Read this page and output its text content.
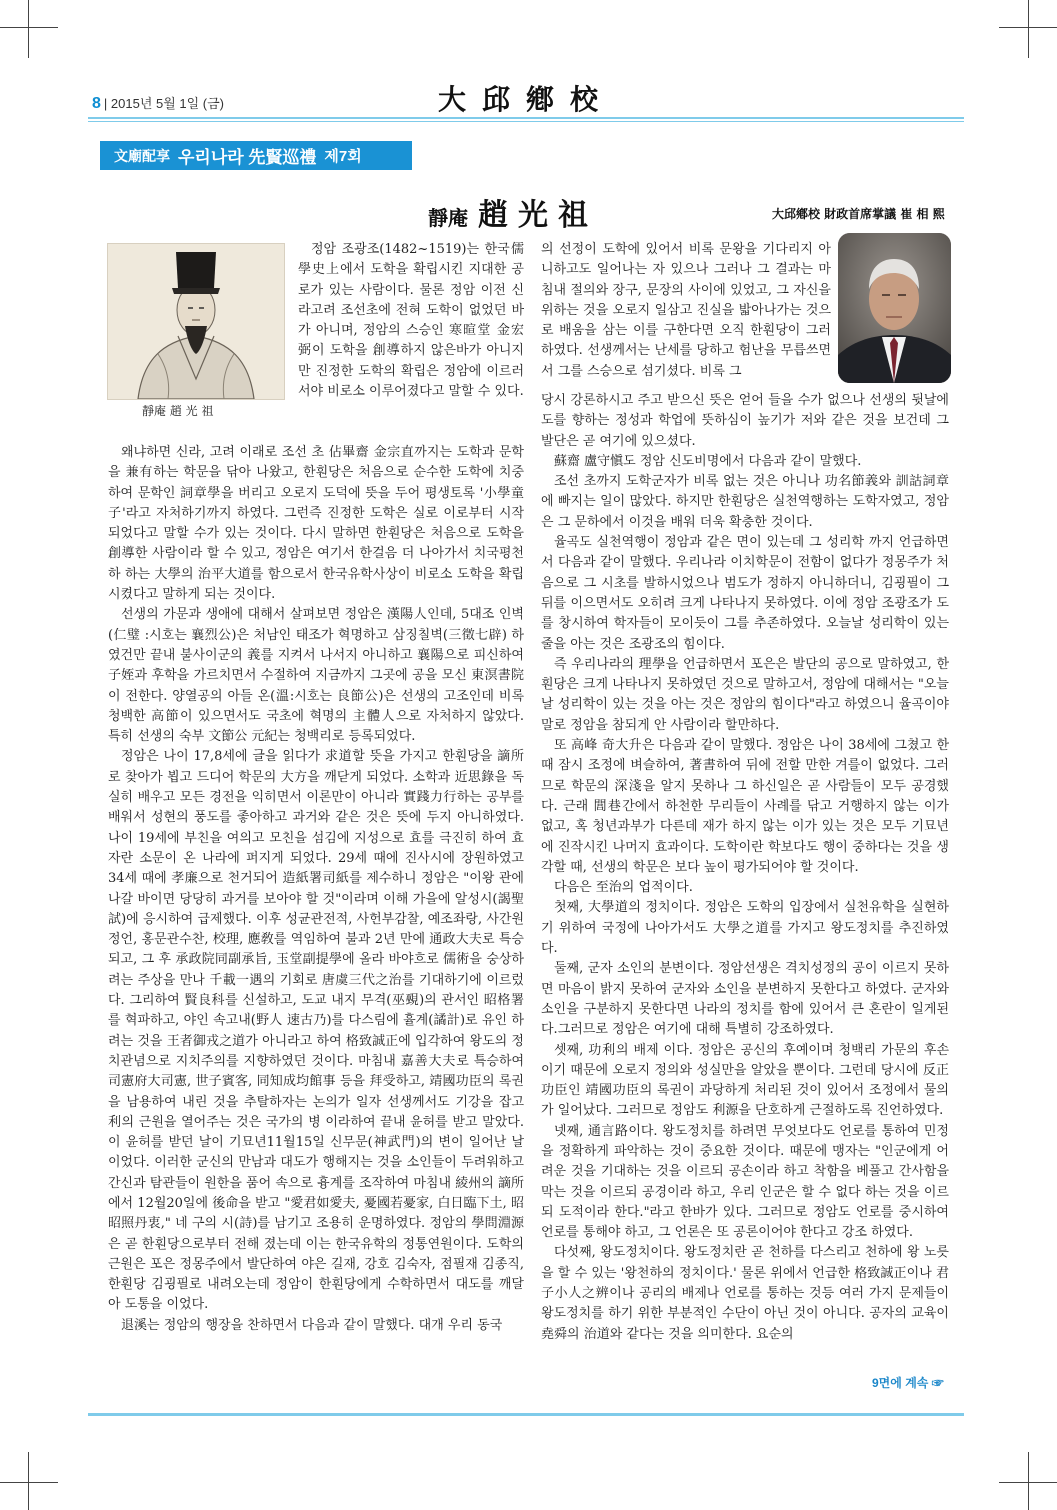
8 | 2015년 5월 1일 (금)	大邱鄕校
文廟配享 우리나라 先賢巡禮 제7회
靜庵 趙光祖	大邱鄕校 財政首席掌議 崔 相 熙
靜庵 趙 光 祖

정암 조광조(1482~1519)는 한국儒學史上에서 도학을 확립시킨 지대한 공로가 있는 사람이다. 물론 정암 이전 신라고려 조선초에 전혀 도학이 없었던 바가 아니며, 정암의 스승인 寒暄堂 金宏弼이 도학을 創導하지 않은바가 아니지만 진정한 도학의 확립은 정암에 이르러서야 비로소 이루어졌다고 말할 수 있다.

왜냐하면 신라, 고려 이래로 조선 초 佔畢齋 金宗直까지는 도학과 문학을 兼有하는 학문을 닦아 나왔고, 한훤당은 처음으로 순수한 도학에 치중하여 문학인 詞章學을 버리고 오로지 도덕에 뜻을 두어 평생토록 '小學童子'라고 자처하기까지 하였다. 그런즉 진정한 도학은 실로 이로부터 시작 되었다고 말할 수가 있는 것이다. 다시 말하면 한훤당은 처음으로 도학을 創導한 사람이라 할 수 있고, 정암은 여기서 한걸음 더 나아가서 치국평천하 하는 大學의 治平大道를 함으로서 한국유학사상이 비로소 도학을 확립시켰다고 말하게 되는 것이다.

선생의 가문과 생애에 대해서 살펴보면 정암은 漢陽人인데, 5대조 인벽(仁璧 :시호는 襄烈公)은 처남인 태조가 혁명하고 삼징칠벽(三徵七辟) 하였건만 끝내 불사이군의 義를 지켜서 나서지 아니하고 襄陽으로 피신하여 子姪과 후학을 가르치면서 수절하여 지금까지 그곳에 공을 모신 東溟書院이 전한다. 양열공의 아들 온(溫:시호는 良節公)은 선생의 고조인데 비록 청백한 高節이 있으면서도 국초에 혁명의 主體人으로 자처하지 않았다. 특히 선생의 숙부 文節公 元紀는 청백리로 등록되었다.

정암은 나이 17,8세에 글을 읽다가 求道할 뜻을 가지고 한훤당을 謫所로 찾아가 뵙고 드디어 학문의 大方을 깨닫게 되었다. 소학과 近思錄을 독실히 배우고 모든 경전을 익히면서 이론만이 아니라 實踐力行하는 공부를 배워서 성현의 풍도를 좋아하고 과거와 같은 것은 뜻에 두지 아니하였다. 나이 19세에 부친을 여의고 모친을 섬김에 지성으로 효를 극진히 하여 효자란 소문이 온 나라에 퍼지게 되었다. 29세 때에 진사시에 장원하였고 34세 때에 孝廉으로 천거되어 造紙署司紙를 제수하니 정암은 "이왕 관에 나갈 바이면 당당히 과거를 보아야 할 것"이라며 이해 가을에 알성시(謁聖試)에 응시하여 급제했다. 이후 성균관전적, 사헌부감찰, 예조좌랑, 사간원정언, 홍문관수찬, 校理, 應敎를 역임하여 불과 2년 만에 通政大夫로 특승되고, 그 후 承政院同副承旨, 玉堂副提學에 올라 바야흐로 儒術을 숭상하려는 주상을 만나 千載一遇의 기회로 唐虞三代之治를 기대하기에 이르렀다. 그리하여 賢良科를 신설하고, 도교 내지 무격(巫覡)의 관서인 昭格署를 혁파하고, 야인 속고내(野人 速古乃)를 다스림에 휼계(譎計)로 유인 하려는 것을 王者御戎之道가 아니라고 하여 格致誠正에 입각하여 왕도의 정치관념으로 지치주의를 지향하였던 것이다. 마침내 嘉善大夫로 특승하여 司憲府大司憲, 世子賓客, 同知成均館事 등을 拜受하고, 靖國功臣의 록권을 남용하여 내린 것을 추탈하자는 논의가 일자 선생께서도 기강을 잡고 利의 근원을 열어주는 것은 국가의 병 이라하여 끝내 윤허를 받고 말았다. 이 윤허를 받던 날이 기묘년11월15일 신무문(神武門)의 변이 일어난 날이었다. 이러한 군신의 만남과 대도가 행해지는 것을 소인들이 두려워하고 간신과 탐관들이 원한을 품어 속으로 흉계를 조작하여 마침내 綾州의 謫所에서 12월20일에 後命을 받고 "愛君如愛夫, 憂國若憂家, 白日臨下土, 昭昭照丹衷," 네 구의 시(詩)를 남기고 조용히 운명하였다. 정암의 學問淵源은 곧 한훤당으로부터 전해 졌는데 이는 한국유학의 정통연원이다. 도학의 근원은 포은 정몽주에서 발단하여 야은 길재, 강호 김숙자, 점필재 김종직, 한훤당 김굉필로 내려오는데 정암이 한훤당에게 수학하면서 대도를 깨달아 도통을 이었다.

退溪는 정암의 행장을 찬하면서 다음과 같이 말했다. 대개 우리 동국

의 선정이 도학에 있어서 비록 문왕을 기다리지 아니하고도 일어나는 자 있으나 그러나 그 결과는 마침내 절의와 장구, 문장의 사이에 있었고, 그 자신을 위하는 것을 오로지 일삼고 진실을 밟아나가는 것으로 배움을 삼는 이를 구한다면 오직 한훤당이 그러하였다. 선생께서는 난세를 당하고 험난을 무릅쓰면서 그를 스승으로 섬기셨다. 비록 그

당시 강론하시고 주고 받으신 뜻은 얻어 들을 수가 없으나 선생의 뒷날에 도를 향하는 정성과 학업에 뜻하심이 높기가 저와 같은 것을 보건데 그 발단은 곧 여기에 있으셨다.

蘇齋 盧守愼도 정암 신도비명에서 다음과 같이 말했다.

조선 초까지 도학군자가 비록 없는 것은 아니나 功名節義와 訓詁詞章에 빠지는 일이 많았다. 하지만 한훤당은 실천역행하는 도학자였고, 정암은 그 문하에서 이것을 배워 더욱 확충한 것이다.

율곡도 실천역행이 정암과 같은 면이 있는데 그 성리학 까지 언급하면서 다음과 같이 말했다. 우리나라 이치학문이 전함이 없다가 정몽주가 처음으로 그 시초를 발하시었으나 범도가 정하지 아니하더니, 김굉필이 그 뒤를 이으면서도 오히려 크게 나타나지 못하였다. 이에 정암 조광조가 도를 창시하여 학자들이 모이듯이 그를 추존하였다. 오늘날 성리학이 있는 줄을 아는 것은 조광조의 힘이다.

즉 우리나라의 理學을 언급하면서 포은은 발단의 공으로 말하였고, 한훤당은 크게 나타나지 못하였던 것으로 말하고서, 정암에 대해서는 "오늘날 성리학이 있는 것을 아는 것은 정암의 힘이다"라고 하였으니 율곡이야 말로 정암을 참되게 안 사람이라 할만하다.

또 高峰 奇大升은 다음과 같이 말했다. 정암은 나이 38세에 그쳤고 한때 잠시 조정에 벼슬하여, 著書하여 뒤에 전할 만한 겨를이 없었다. 그러므로 학문의 深淺을 알지 못하나 그 하신일은 곧 사람들이 모두 공경했다. 근래 閭巷간에서 하천한 무리들이 사례를 닦고 거행하지 않는 이가 없고, 혹 청년과부가 다른데 재가 하지 않는 이가 있는 것은 모두 기묘년에 진작시킨 나머지 효과이다. 도학이란 학보다도 행이 중하다는 것을 생각할 때, 선생의 학문은 보다 높이 평가되어야 할 것이다.

다음은 至治의 업적이다.

첫째, 大學道의 정치이다. 정암은 도학의 입장에서 실천유학을 실현하기 위하여 국정에 나아가서도 大學之道를 가지고 왕도정치를 추진하였다.

둘째, 군자 소인의 분변이다. 정암선생은 격치성정의 공이 이르지 못하면 마음이 밝지 못하여 군자와 소인을 분변하지 못한다고 하였다. 군자와 소인을 구분하지 못한다면 나라의 정치를 함에 있어서 큰 혼란이 일게된다.그러므로 정암은 여기에 대해 특별히 강조하였다.

셋째, 功利의 배제 이다. 정암은 공신의 후예이며 청백리 가문의 후손이기 때문에 오로지 정의와 성실만을 알았을 뿐이다. 그런데 당시에 反正功臣인 靖國功臣의 록권이 과당하게 처리된 것이 있어서 조정에서 물의가 일어났다. 그러므로 정암도 利源을 단호하게 근절하도록 진언하였다.

넷째, 通言路이다. 왕도정치를 하려면 무엇보다도 언로를 통하여 민정을 정확하게 파악하는 것이 중요한 것이다. 때문에 맹자는 "인군에게 어려운 것을 기대하는 것을 이르되 공손이라 하고 착함을 베풀고 간사함을 막는 것을 이르되 공경이라 하고, 우리 인군은 할 수 없다 하는 것을 이르되 도적이라 한다."라고 한바가 있다. 그러므로 정암도 언로를 중시하여 언로를 통해야 하고, 그 언론은 또 공론이어야 한다고 강조 하였다.

다섯째, 왕도정치이다. 왕도정치란 곧 천하를 다스리고 천하에 왕 노릇을 할 수 있는 '왕천하의 정치이다.' 물론 위에서 언급한 格致誠正이나 君子小人之辨이나 공리의 배제나 언로를 통하는 것등 여러 가지 문제들이 왕도정치를 하기 위한 부분적인 수단이 아닌 것이 아니다. 공자의 교육이 堯舜의 治道와 같다는 것을 의미한다. 요순의

9면에 계속 ☞
